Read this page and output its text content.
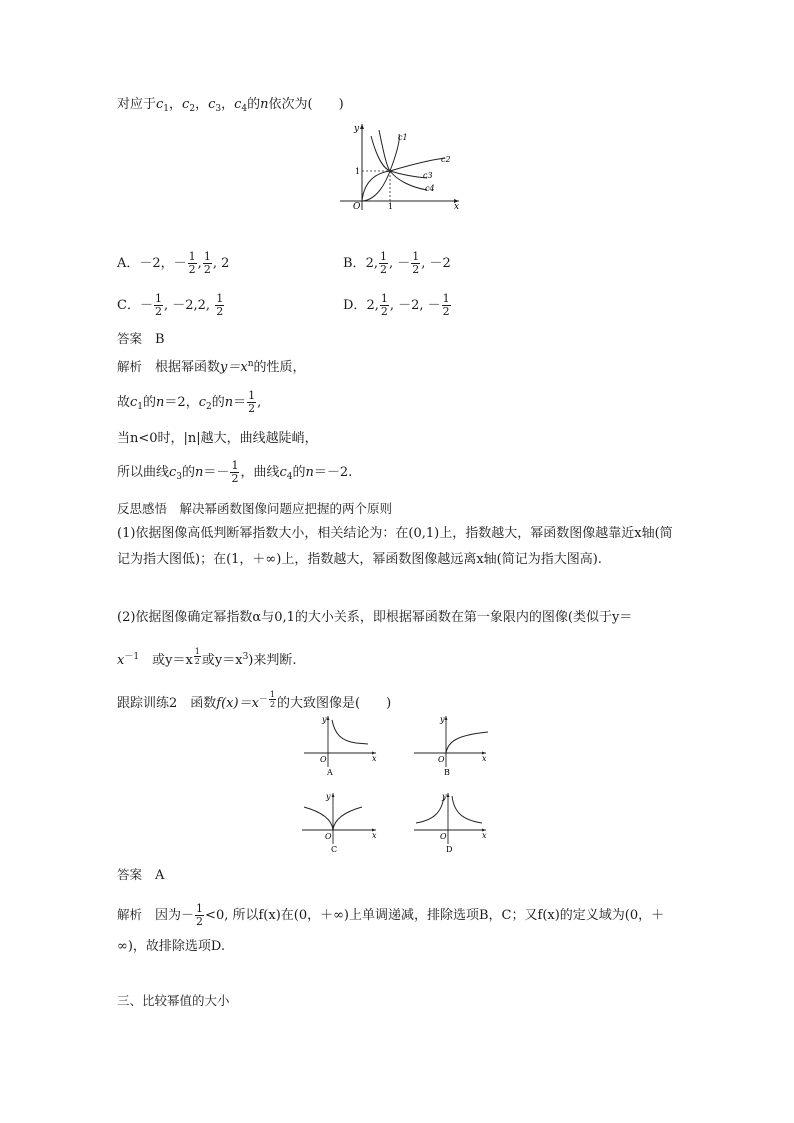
对应于$c_1$，$c_2$，$c_3$，$c_4$的n依次为(　　)
y
x
O	1
1
c1
c2
c3
c4
A．－2，－ $\frac{1}{2}$ , $\frac{1}{2}$ , 2	B．2, $\frac{1}{2}$ , － $\frac{1}{2}$ , －2
C．－ $\frac{1}{2}$ , －2,2, $\frac{1}{2}$	D．2, $\frac{1}{2}$ , －2, － $\frac{1}{2}$
答案　 B
解析　 根据幂函数$y=x^n$的性质，
故$c_1$的n＝2，$c_2$的$n= \frac{1}{2}$ ,
当n<0时，|n|越大，曲线越陡峭，
所以曲线$c_3$的$n=- \frac{1}{2}$ ，曲线$c_4$的n＝－2.
反思感悟　解决幂函数图像问题应把握的两个原则
(1)依据图像高低判断幂指数大小，相关结论为：在(0,1)上，指数越大，幂函数图像越靠近x轴(简记为指大图低)；在(1，＋∞)上，指数越大，幂函数图像越远离x轴(简记为指大图高).
(2)依据图像确定幂指数α与0,1的大小关系，即根据幂函数在第一象限内的图像(类似于y＝
$x^{-1}$　 或y＝x $^{\frac{1}{2}}$ 或$y=x^3$)来判断.
跟踪训练2　函数$f(x)=x^{- \frac{1}{2}}$ 的大致图像是(　　)
y
x
O
A
y
x
O
B
y
x
O
C
y
x
O
D
答案　 A
解析　 因为－ $\frac{1}{2} <0$, 所以f(x)在(0，＋∞)上单调递减，排除选项B，C；又f(x)的定义域为(0，＋
∞)，故排除选项D.
三、比较幂值的大小
